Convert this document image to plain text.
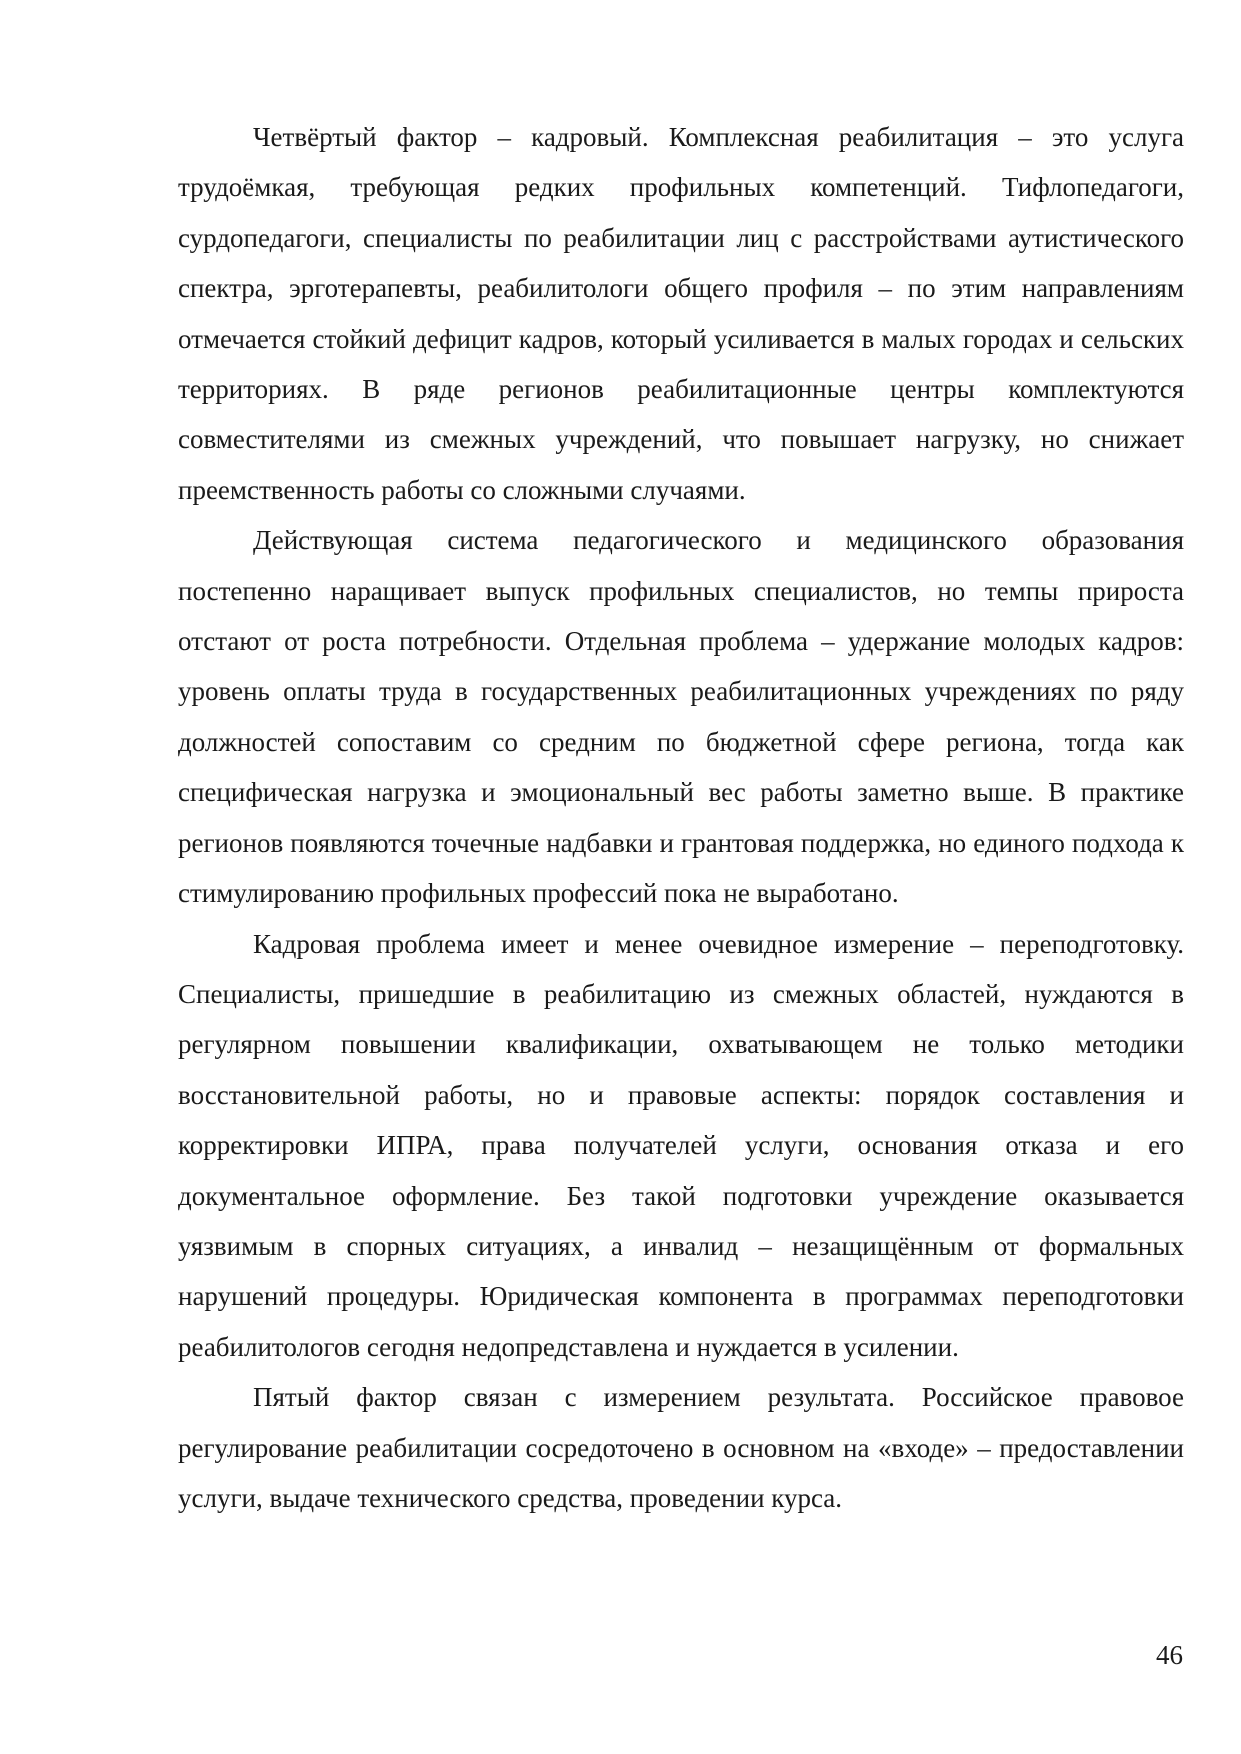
Четвёртый фактор – кадровый. Комплексная реабилитация – это услуга трудоёмкая, требующая редких профильных компетенций. Тифлопедагоги, сурдопедагоги, специалисты по реабилитации лиц с расстройствами аутистического спектра, эрготерапевты, реабилитологи общего профиля – по этим направлениям отмечается стойкий дефицит кадров, который усиливается в малых городах и сельских территориях. В ряде регионов реабилитационные центры комплектуются совместителями из смежных учреждений, что повышает нагрузку, но снижает преемственность работы со сложными случаями.

Действующая система педагогического и медицинского образования постепенно наращивает выпуск профильных специалистов, но темпы прироста отстают от роста потребности. Отдельная проблема – удержание молодых кадров: уровень оплаты труда в государственных реабилитационных учреждениях по ряду должностей сопоставим со средним по бюджетной сфере региона, тогда как специфическая нагрузка и эмоциональный вес работы заметно выше. В практике регионов появляются точечные надбавки и грантовая поддержка, но единого подхода к стимулированию профильных профессий пока не выработано.

Кадровая проблема имеет и менее очевидное измерение – переподготовку. Специалисты, пришедшие в реабилитацию из смежных областей, нуждаются в регулярном повышении квалификации, охватывающем не только методики восстановительной работы, но и правовые аспекты: порядок составления и корректировки ИПРА, права получателей услуги, основания отказа и его документальное оформление. Без такой подготовки учреждение оказывается уязвимым в спорных ситуациях, а инвалид – незащищённым от формальных нарушений процедуры. Юридическая компонента в программах переподготовки реабилитологов сегодня недопредставлена и нуждается в усилении.

Пятый фактор связан с измерением результата. Российское правовое регулирование реабилитации сосредоточено в основном на «входе» – предоставлении услуги, выдаче технического средства, проведении курса.

46
